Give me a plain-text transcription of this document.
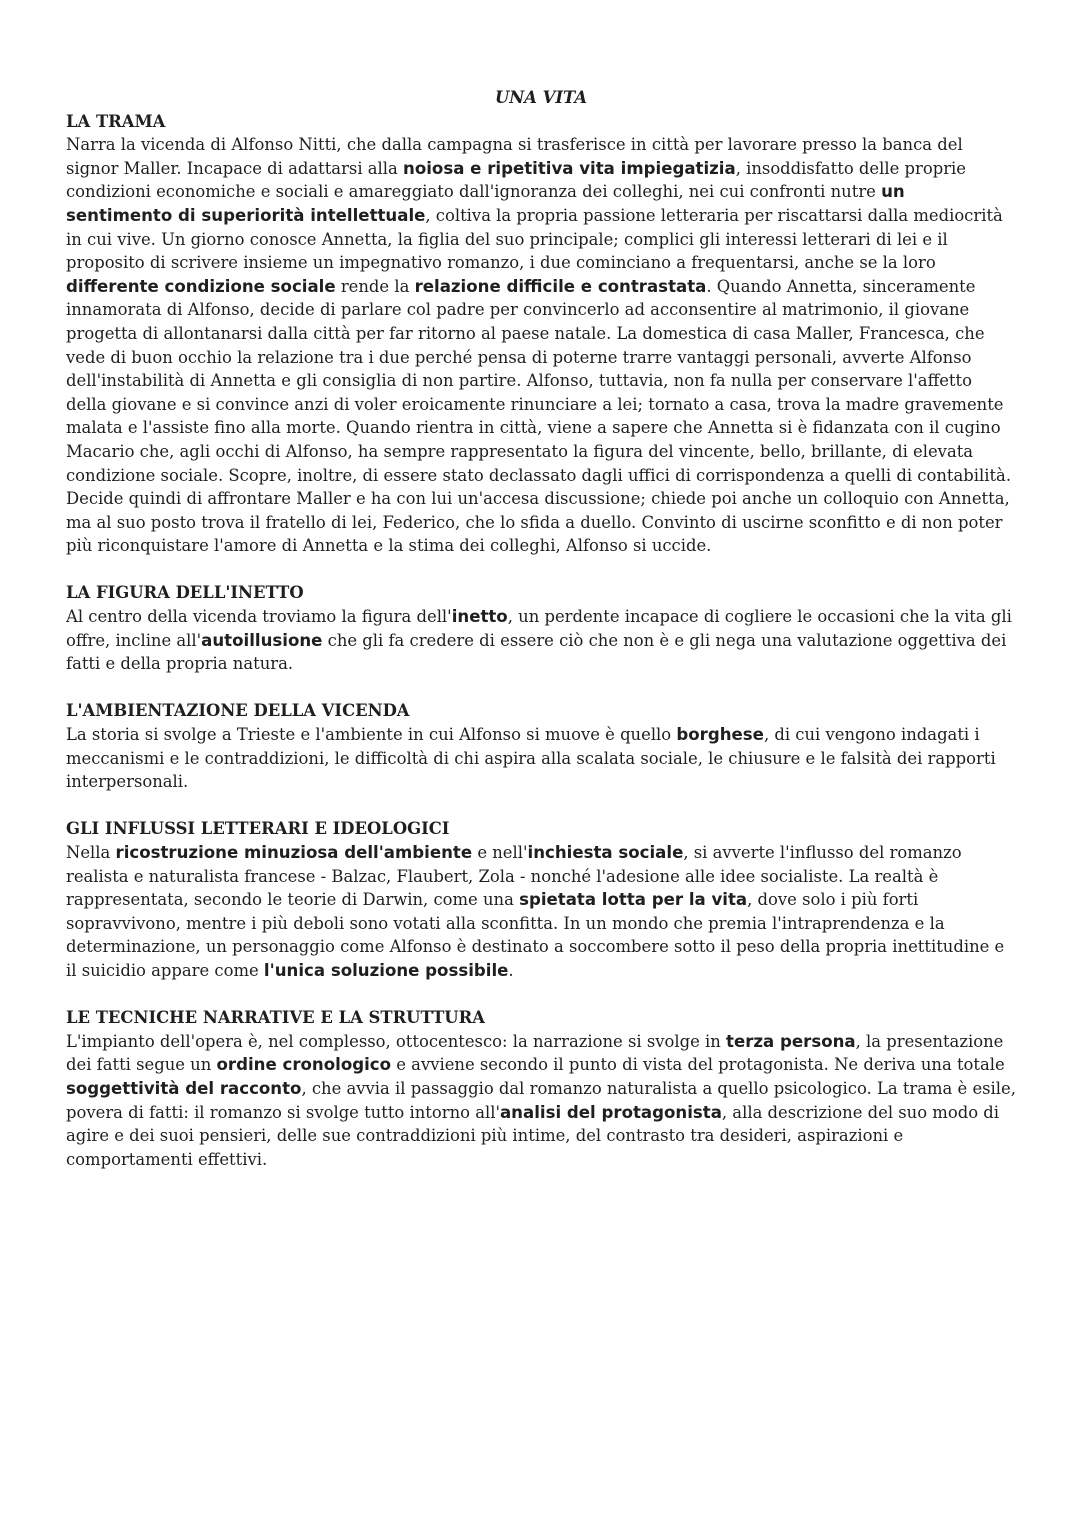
UNA VITA
LA TRAMA

Narra la vicenda di Alfonso Nitti, che dalla campagna si trasferisce in città per lavorare presso la banca del signor Maller. Incapace di adattarsi alla noiosa e ripetitiva vita impiegatizia, insoddisfatto delle proprie condizioni economiche e sociali e amareggiato dall'ignoranza dei colleghi, nei cui confronti nutre un sentimento di superiorità intellettuale, coltiva la propria passione letteraria per riscattarsi dalla mediocrità in cui vive. Un giorno conosce Annetta, la figlia del suo principale; complici gli interessi letterari di lei e il proposito di scrivere insieme un impegnativo romanzo, i due cominciano a frequentarsi, anche se la loro differente condizione sociale rende la relazione difficile e contrastata. Quando Annetta, sinceramente innamorata di Alfonso, decide di parlare col padre per convincerlo ad acconsentire al matrimonio, il giovane progetta di allontanarsi dalla città per far ritorno al paese natale. La domestica di casa Maller, Francesca, che vede di buon occhio la relazione tra i due perché pensa di poterne trarre vantaggi personali, avverte Alfonso dell'instabilità di Annetta e gli consiglia di non partire. Alfonso, tuttavia, non fa nulla per conservare l'affetto della giovane e si convince anzi di voler eroicamente rinunciare a lei; tornato a casa, trova la madre gravemente malata e l'assiste fino alla morte. Quando rientra in città, viene a sapere che Annetta si è fidanzata con il cugino Macario che, agli occhi di Alfonso, ha sempre rappresentato la figura del vincente, bello, brillante, di elevata condizione sociale. Scopre, inoltre, di essere stato declassato dagli uffici di corrispondenza a quelli di contabilità. Decide quindi di affrontare Maller e ha con lui un'accesa discussione; chiede poi anche un colloquio con Annetta, ma al suo posto trova il fratello di lei, Federico, che lo sfida a duello. Convinto di uscirne sconfitto e di non poter più riconquistare l'amore di Annetta e la stima dei colleghi, Alfonso si uccide.

LA FIGURA DELL'INETTO

Al centro della vicenda troviamo la figura dell'inetto, un perdente incapace di cogliere le occasioni che la vita gli offre, incline all'autoillusione che gli fa credere di essere ciò che non è e gli nega una valutazione oggettiva dei fatti e della propria natura.

L'AMBIENTAZIONE DELLA VICENDA

La storia si svolge a Trieste e l'ambiente in cui Alfonso si muove è quello borghese, di cui vengono indagati i meccanismi e le contraddizioni, le difficoltà di chi aspira alla scalata sociale, le chiusure e le falsità dei rapporti interpersonali.

GLI INFLUSSI LETTERARI E IDEOLOGICI

Nella ricostruzione minuziosa dell'ambiente e nell'inchiesta sociale, si avverte l'influsso del romanzo realista e naturalista francese - Balzac, Flaubert, Zola - nonché l'adesione alle idee socialiste. La realtà è rappresentata, secondo le teorie di Darwin, come una spietata lotta per la vita, dove solo i più forti sopravvivono, mentre i più deboli sono votati alla sconfitta. In un mondo che premia l'intraprendenza e la determinazione, un personaggio come Alfonso è destinato a soccombere sotto il peso della propria inettitudine e il suicidio appare come l'unica soluzione possibile.

LE TECNICHE NARRATIVE E LA STRUTTURA

L'impianto dell'opera è, nel complesso, ottocentesco: la narrazione si svolge in terza persona, la presentazione dei fatti segue un ordine cronologico e avviene secondo il punto di vista del protagonista. Ne deriva una totale soggettività del racconto, che avvia il passaggio dal romanzo naturalista a quello psicologico. La trama è esile, povera di fatti: il romanzo si svolge tutto intorno all'analisi del protagonista, alla descrizione del suo modo di agire e dei suoi pensieri, delle sue contraddizioni più intime, del contrasto tra desideri, aspirazioni e comportamenti effettivi.
